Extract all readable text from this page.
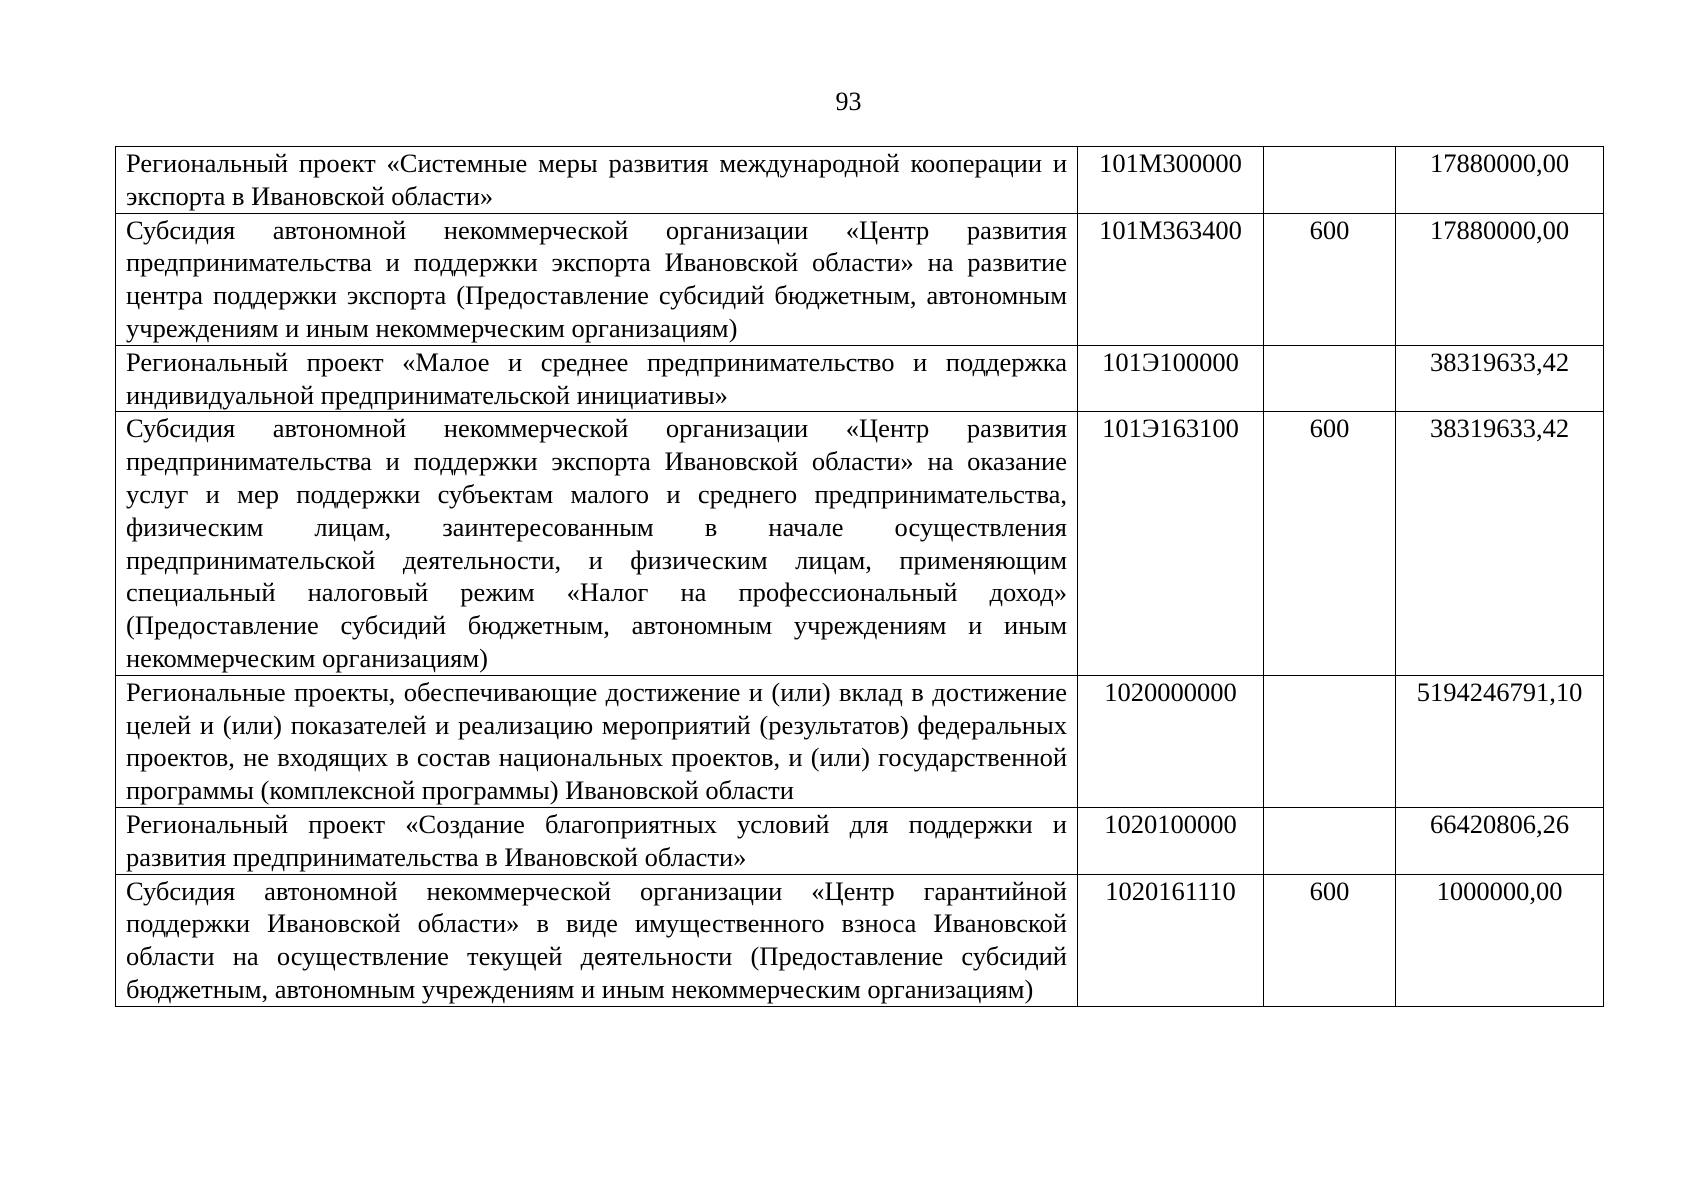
93
Региональный проект «Системные меры развития международной кооперации и экспорта в Ивановской области»	101М300000		17880000,00
Субсидия автономной некоммерческой организации «Центр развития предпринимательства и поддержки экспорта Ивановской области» на развитие центра поддержки экспорта (Предоставление субсидий бюджетным, автономным учреждениям и иным некоммерческим организациям)	101М363400	600	17880000,00
Региональный проект «Малое и среднее предпринимательство и поддержка индивидуальной предпринимательской инициативы»	101Э100000		38319633,42
Субсидия автономной некоммерческой организации «Центр развития предпринимательства и поддержки экспорта Ивановской области» на оказание услуг и мер поддержки субъектам малого и среднего предпринимательства, физическим лицам, заинтересованным в начале осуществления предпринимательской деятельности, и физическим лицам, применяющим специальный налоговый режим «Налог на профессиональный доход» (Предоставление субсидий бюджетным, автономным учреждениям и иным некоммерческим организациям)	101Э163100	600	38319633,42
Региональные проекты, обеспечивающие достижение и (или) вклад в достижение целей и (или) показателей и реализацию мероприятий (результатов) федеральных проектов, не входящих в состав национальных проектов, и (или) государственной программы (комплексной программы) Ивановской области	1020000000		5194246791,10
Региональный проект «Создание благоприятных условий для поддержки и развития предпринимательства в Ивановской области»	1020100000		66420806,26
Субсидия автономной некоммерческой организации «Центр гарантийной поддержки Ивановской области» в виде имущественного взноса Ивановской области на осуществление текущей деятельности (Предоставление субсидий бюджетным, автономным учреждениям и иным некоммерческим организациям)	1020161110	600	1000000,00
